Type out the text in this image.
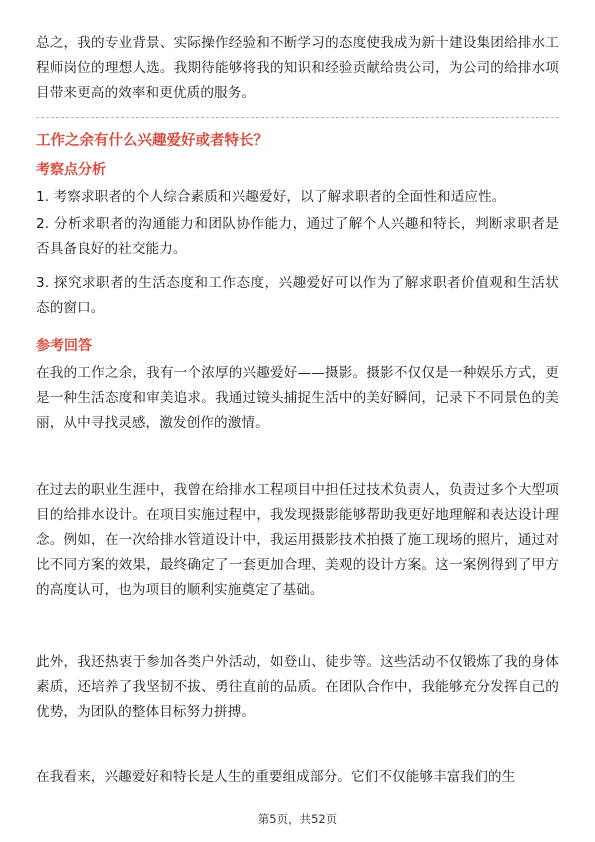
总之，我的专业背景、实际操作经验和不断学习的态度使我成为新十建设集团给排水工程师岗位的理想人选。我期待能够将我的知识和经验贡献给贵公司，为公司的给排水项目带来更高的效率和更优质的服务。

工作之余有什么兴趣爱好或者特长？

考察点分析

1. 考察求职者的个人综合素质和兴趣爱好，以了解求职者的全面性和适应性。

2. 分析求职者的沟通能力和团队协作能力，通过了解个人兴趣和特长，判断求职者是否具备良好的社交能力。

3. 探究求职者的生活态度和工作态度，兴趣爱好可以作为了解求职者价值观和生活状态的窗口。

参考回答

在我的工作之余，我有一个浓厚的兴趣爱好——摄影。摄影不仅仅是一种娱乐方式，更是一种生活态度和审美追求。我通过镜头捕捉生活中的美好瞬间，记录下不同景色的美丽，从中寻找灵感，激发创作的激情。

在过去的职业生涯中，我曾在给排水工程项目中担任过技术负责人，负责过多个大型项目的给排水设计。在项目实施过程中，我发现摄影能够帮助我更好地理解和表达设计理念。例如，在一次给排水管道设计中，我运用摄影技术拍摄了施工现场的照片，通过对比不同方案的效果，最终确定了一套更加合理、美观的设计方案。这一案例得到了甲方的高度认可，也为项目的顺利实施奠定了基础。

此外，我还热衷于参加各类户外活动，如登山、徒步等。这些活动不仅锻炼了我的身体素质，还培养了我坚韧不拔、勇往直前的品质。在团队合作中，我能够充分发挥自己的优势，为团队的整体目标努力拼搏。

在我看来，兴趣爱好和特长是人生的重要组成部分。它们不仅能够丰富我们的生

第5页，共52页
